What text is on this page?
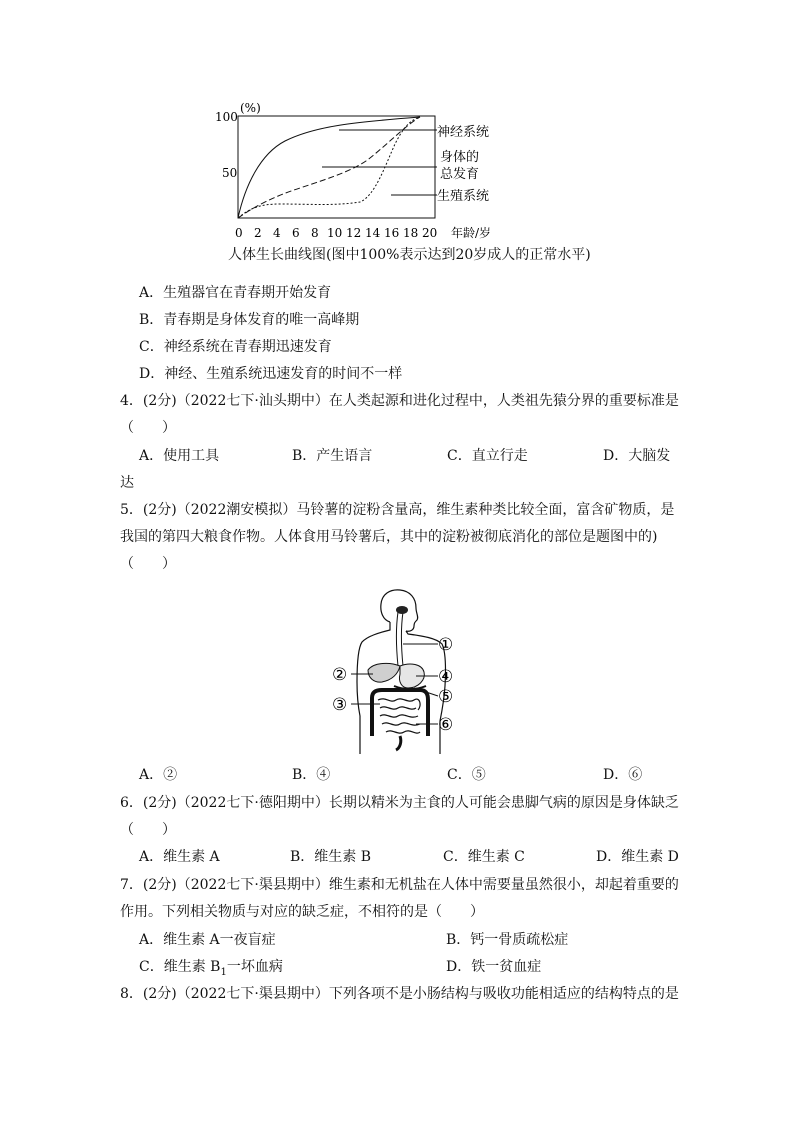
(%)
100
50
0 2 4 6 8 10 12 14 16 18 20 年龄/岁
神经系统
身体的
总发育
生殖系统
人体生长曲线图(图中100%表示达到20岁成人的正常水平)
A．生殖器官在青春期开始发育
B．青春期是身体发育的唯一高峰期
C．神经系统在青春期迅速发育
D．神经、生殖系统迅速发育的时间不一样
4．(2分)（2022七下·汕头期中）在人类起源和进化过程中，人类祖先猿分界的重要标准是
（　　）
A．使用工具	B．产生语言	C．直立行走	D．大脑发
达
5．(2分)（2022潮安模拟）马铃薯的淀粉含量高，维生素种类比较全面，富含矿物质，是
我国的第四大粮食作物。人体食用马铃薯后，其中的淀粉被彻底消化的部位是题图中的)
（　　）
①
②
③
④
⑤
⑥
A．②	B．④	C．⑤	D．⑥
6．(2分)（2022七下·德阳期中）长期以精米为主食的人可能会患脚气病的原因是身体缺乏
（　　）
A．维生素 A	B．维生素 B	C．维生素 C	D．维生素 D
7．(2分)（2022七下·渠县期中）维生素和无机盐在人体中需要量虽然很小，却起着重要的
作用。下列相关物质与对应的缺乏症，不相符的是（　　）
A．维生素 A一夜盲症	B．钙一骨质疏松症
C．维生素 $B_1$一坏血病	D．铁一贫血症
8．(2分)（2022七下·渠县期中）下列各项不是小肠结构与吸收功能相适应的结构特点的是
